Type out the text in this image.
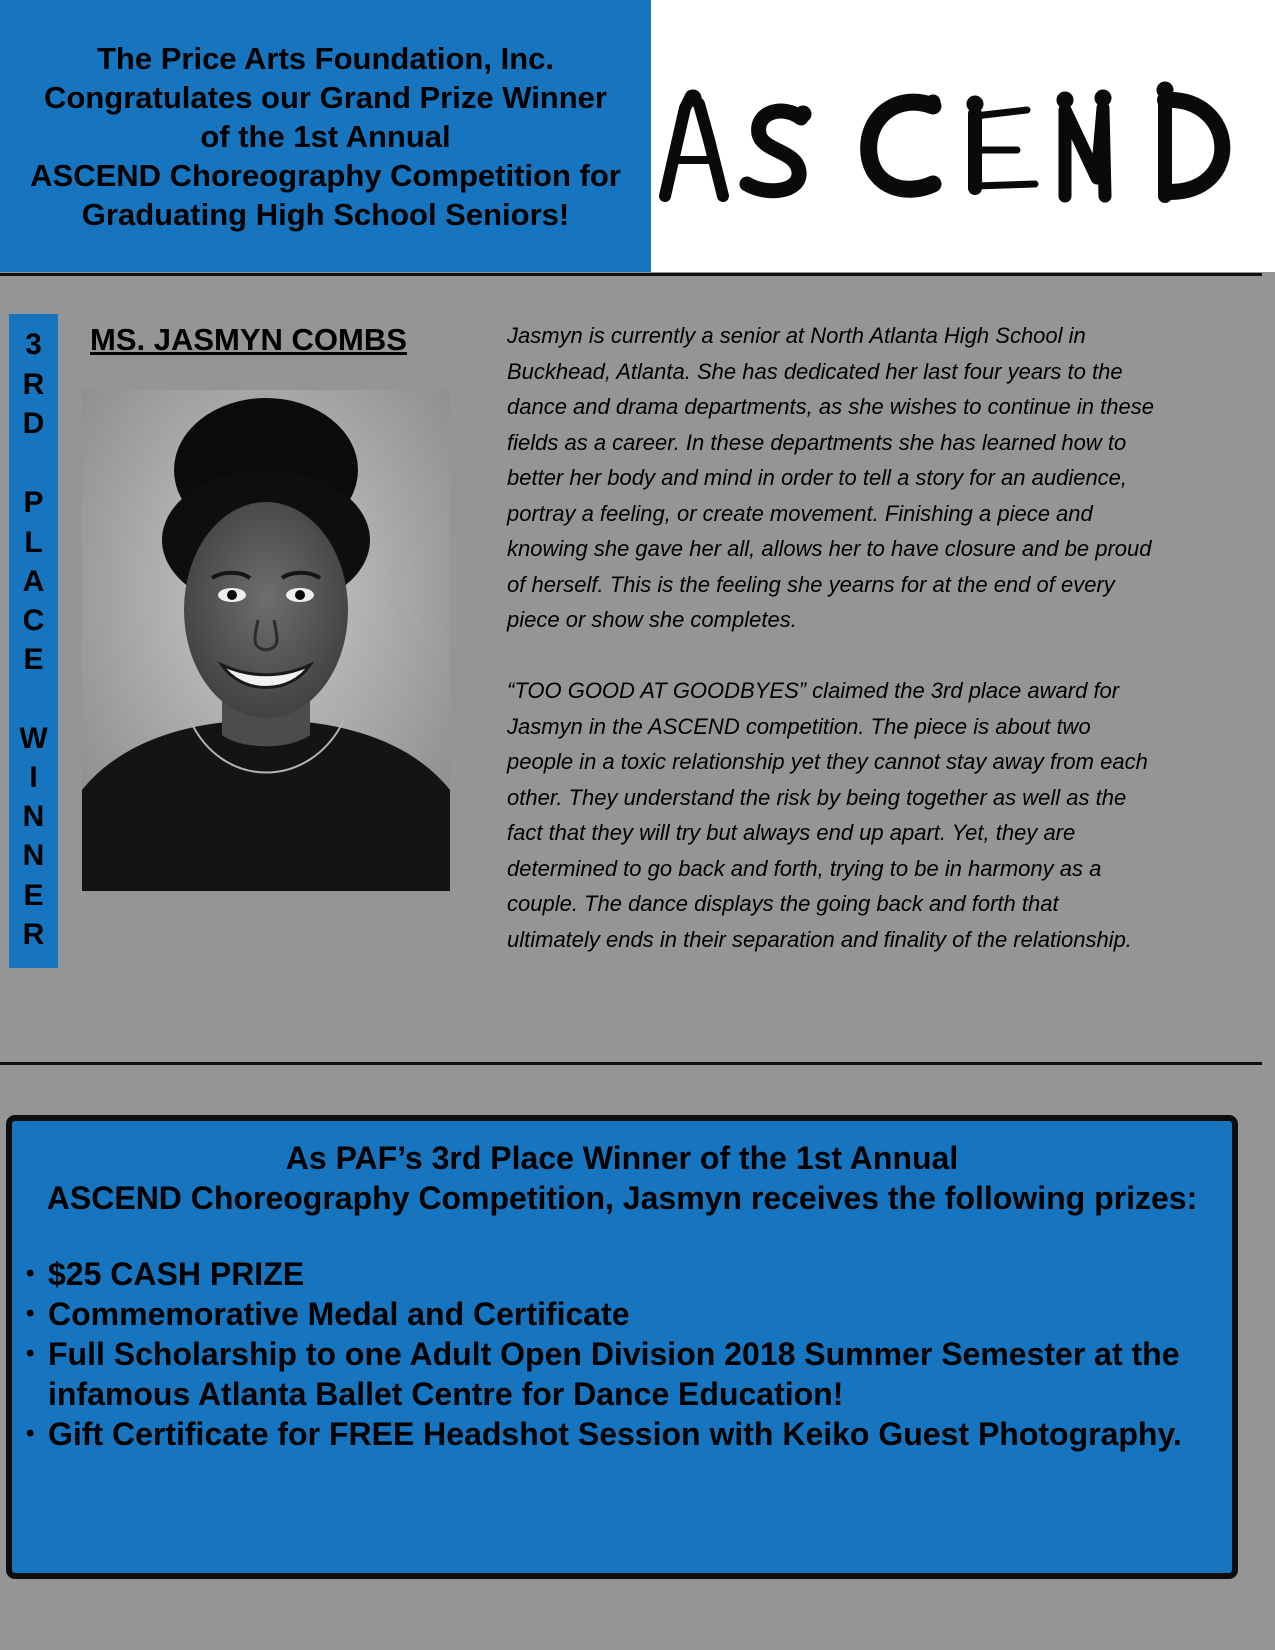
The Price Arts Foundation, Inc.
Congratulates our Grand Prize Winner
of the 1st Annual
ASCEND Choreography Competition for
Graduating High School Seniors!
3
R
D
P
L
A
C
E
W
I
N
N
E
R
MS. JASMYN COMBS	Jasmyn is currently a senior at North Atlanta High School in

Buckhead, Atlanta. She has dedicated her last four years to the

dance and drama departments, as she wishes to continue in these

fields as a career. In these departments she has learned how to

better her body and mind in order to tell a story for an audience,

portray a feeling, or create movement. Finishing a piece and

knowing she gave her all, allows her to have closure and be proud

of herself. This is the feeling she yearns for at the end of every

piece or show she completes.

“TOO GOOD AT GOODBYES” claimed the 3rd place award for

Jasmyn in the ASCEND competition. The piece is about two

people in a toxic relationship yet they cannot stay away from each

other. They understand the risk by being together as well as the

fact that they will try but always end up apart. Yet, they are

determined to go back and forth, trying to be in harmony as a

couple. The dance displays the going back and forth that

ultimately ends in their separation and finality of the relationship.

As PAF’s 3rd Place Winner of the 1st Annual
ASCEND Choreography Competition, Jasmyn receives the following prizes:
• $25 CASH PRIZE
• Commemorative Medal and Certificate
• Full Scholarship to one Adult Open Division 2018 Summer Semester at the
infamous Atlanta Ballet Centre for Dance Education!
• Gift Certificate for FREE Headshot Session with Keiko Guest Photography.
